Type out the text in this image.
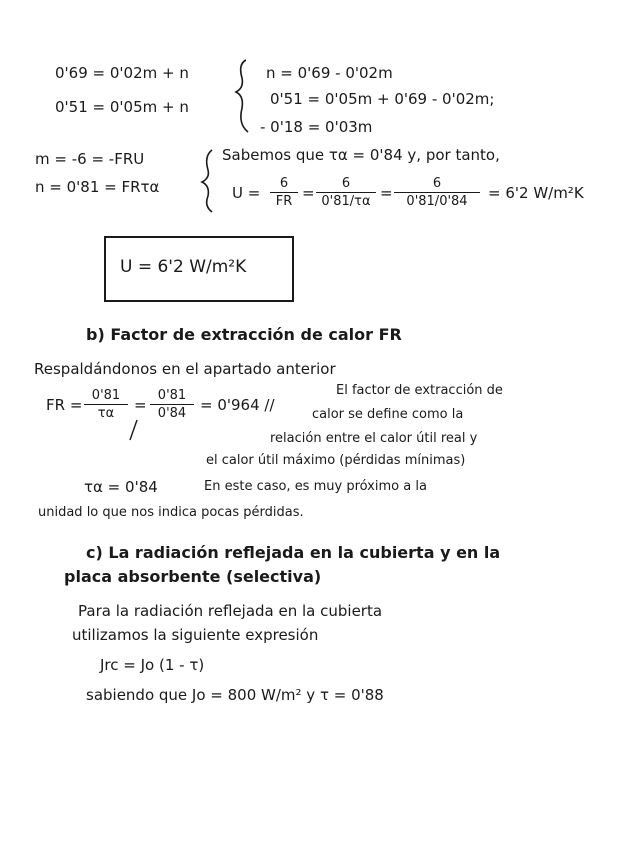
0'69 = 0'02m + n
0'51 = 0'05m + n
n = 0'69 - 0'02m
0'51 = 0'05m + 0'69 - 0'02m;
- 0'18 = 0'03m
m = -6 = -FRU
n = 0'81 = FRτα
Sabemos que τα = 0'84 y, por tanto,
U =
6
FR =
6
0'81/τα =
6
0'81/0'84 = 6'2 W/m²K
U = 6'2 W/m²K
b) Factor de extracción de calor FR
Respaldándonos en el apartado anterior
FR =
0'81
τα =
0'81
0'84 = 0'964 //
τα = 0'84
El factor de extracción de
calor se define como la
relación entre el calor útil real y
el calor útil máximo (pérdidas mínimas)
En este caso, es muy próximo a la
unidad lo que nos indica pocas pérdidas.
c) La radiación reflejada en la cubierta y en la
placa absorbente (selectiva)
Para la radiación reflejada en la cubierta
utilizamos la siguiente expresión
Jrc = Jo (1 - τ)
sabiendo que Jo = 800 W/m² y τ = 0'88
